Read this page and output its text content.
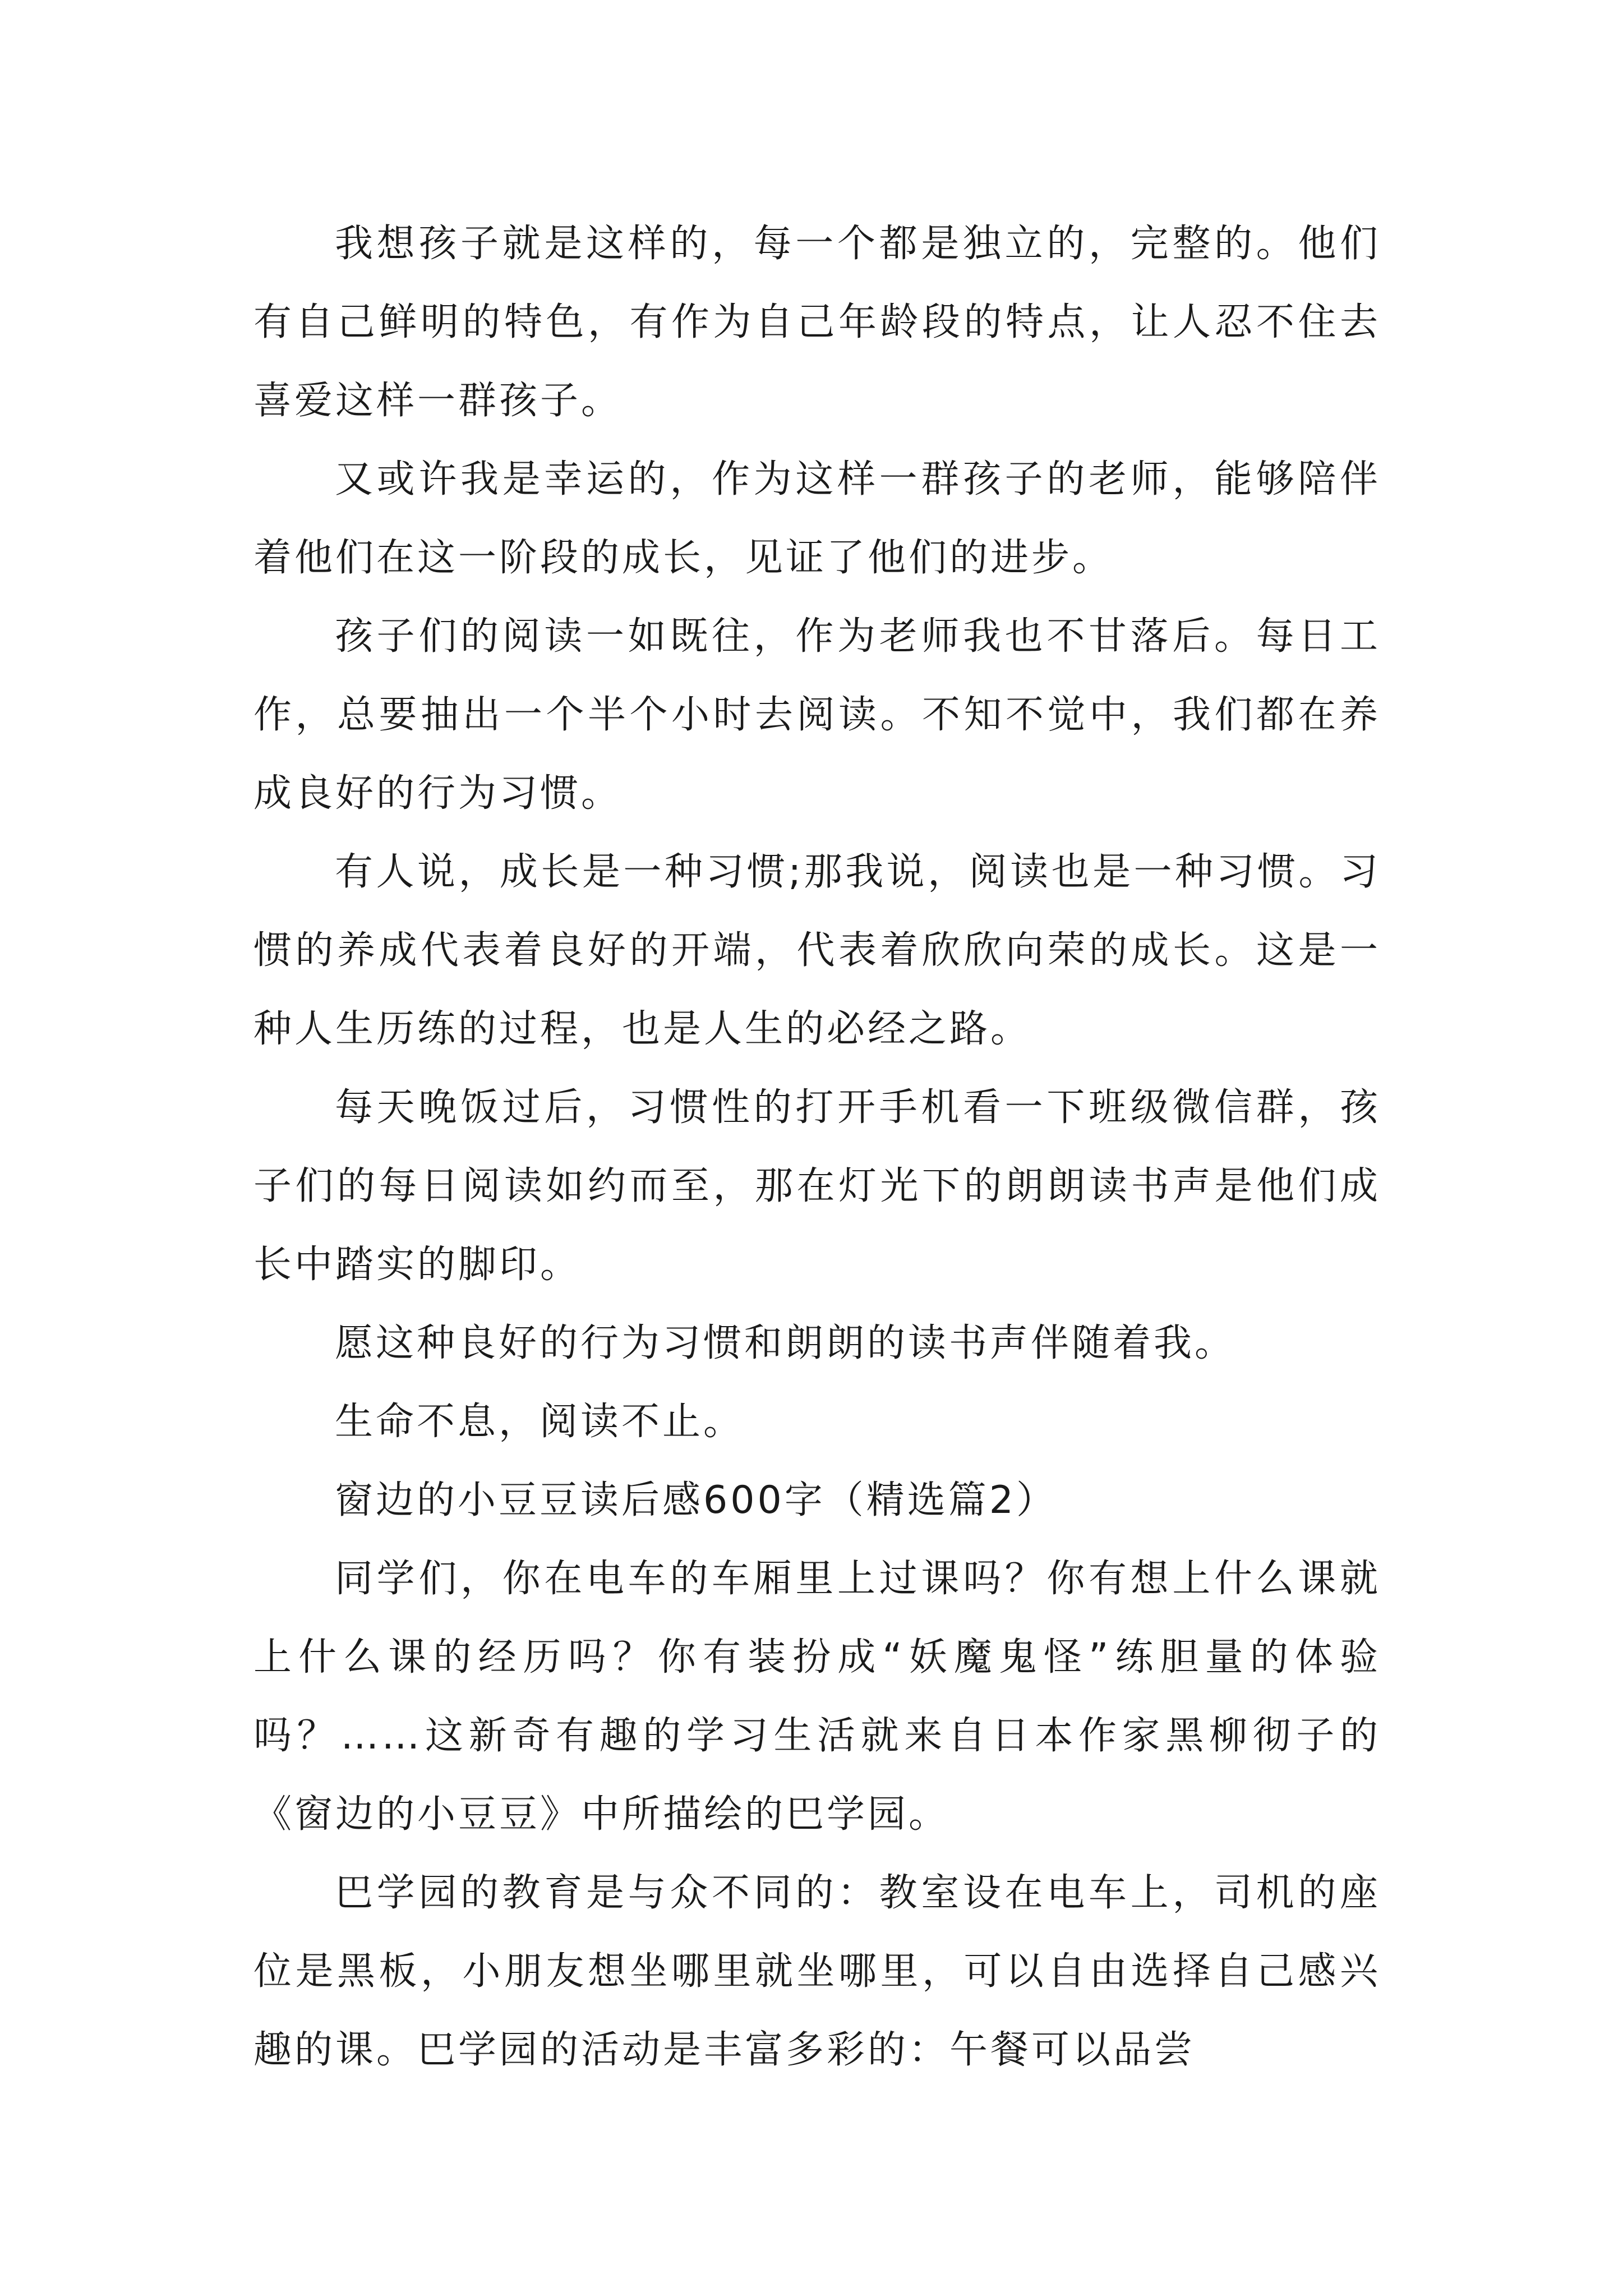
我想孩子就是这样的，每一个都是独立的，完整的。他们有自己鲜明的特色，有作为自己年龄段的特点，让人忍不住去喜爱这样一群孩子。

又或许我是幸运的，作为这样一群孩子的老师，能够陪伴着他们在这一阶段的成长，见证了他们的进步。

孩子们的阅读一如既往，作为老师我也不甘落后。每日工作，总要抽出一个半个小时去阅读。不知不觉中，我们都在养成良好的行为习惯。

有人说，成长是一种习惯;那我说，阅读也是一种习惯。习惯的养成代表着良好的开端，代表着欣欣向荣的成长。这是一种人生历练的过程，也是人生的必经之路。

每天晚饭过后，习惯性的打开手机看一下班级微信群，孩子们的每日阅读如约而至，那在灯光下的朗朗读书声是他们成长中踏实的脚印。

愿这种良好的行为习惯和朗朗的读书声伴随着我。

生命不息，阅读不止。

窗边的小豆豆读后感600字（精选篇2）

同学们，你在电车的车厢里上过课吗？你有想上什么课就上什么课的经历吗？你有装扮成“妖魔鬼怪”练胆量的体验吗？……这新奇有趣的学习生活就来自日本作家黑柳彻子的《窗边的小豆豆》中所描绘的巴学园。

巴学园的教育是与众不同的：教室设在电车上，司机的座位是黑板，小朋友想坐哪里就坐哪里，可以自由选择自己感兴趣的课。巴学园的活动是丰富多彩的：午餐可以品尝
